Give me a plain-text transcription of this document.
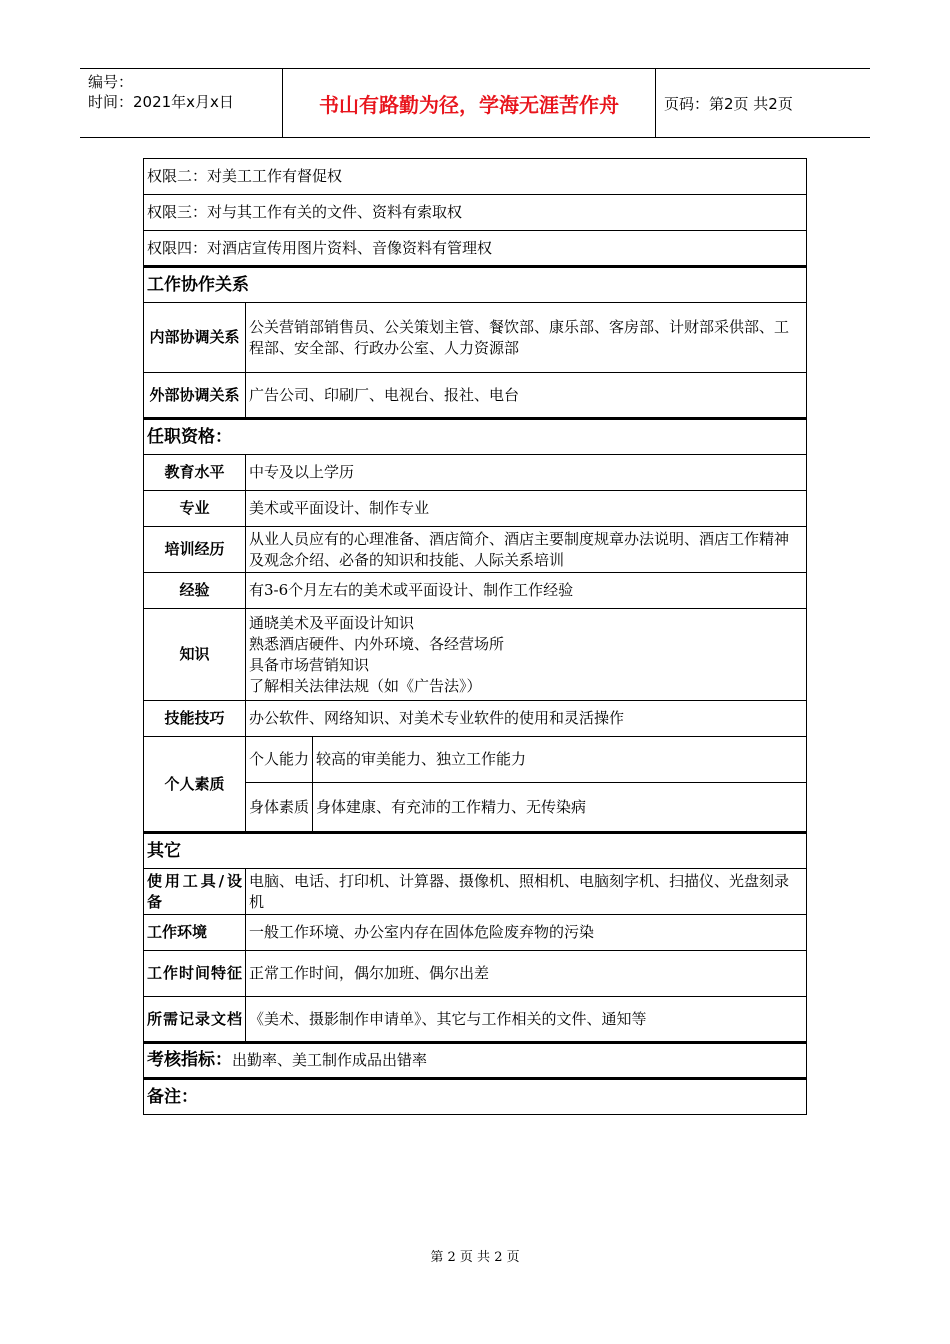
编号：
时间：2021年x月x日	书山有路勤为径，学海无涯苦作舟	页码：第2页 共2页
权限二：对美工工作有督促权		
权限三：对与其工作有关的文件、资料有索取权		
权限四：对酒店宣传用图片资料、音像资料有管理权		
工作协作关系		
内部协调关系	公关营销部销售员、公关策划主管、餐饮部、康乐部、客房部、计财部采供部、工程部、安全部、行政办公室、人力资源部	
外部协调关系	广告公司、印刷厂、电视台、报社、电台	
任职资格：		
教育水平	中专及以上学历	
专业	美术或平面设计、制作专业	
培训经历	从业人员应有的心理准备、酒店简介、酒店主要制度规章办法说明、酒店工作精神及观念介绍、必备的知识和技能、人际关系培训	
经验	有3-6个月左右的美术或平面设计、制作工作经验	
知识	通晓美术及平面设计知识
熟悉酒店硬件、内外环境、各经营场所
具备市场营销知识
了解相关法律法规（如《广告法》）	

技能技巧	办公软件、网络知识、对美术专业软件的使用和灵活操作	
个人素质	个人能力	较高的审美能力、独立工作能力
	身体素质	身体建康、有充沛的工作精力、无传染病
其它		
使用工具/设备	电脑、电话、打印机、计算器、摄像机、照相机、电脑刻字机、扫描仪、光盘刻录机	
工作环境	一般工作环境、办公室内存在固体危险废弃物的污染	
工作时间特征	正常工作时间，偶尔加班、偶尔出差	
所需记录文档	《美术、摄影制作申请单》、其它与工作相关的文件、通知等	
考核指标：出勤率、美工制作成品出错率		
备注：		
第 2 页 共 2 页
